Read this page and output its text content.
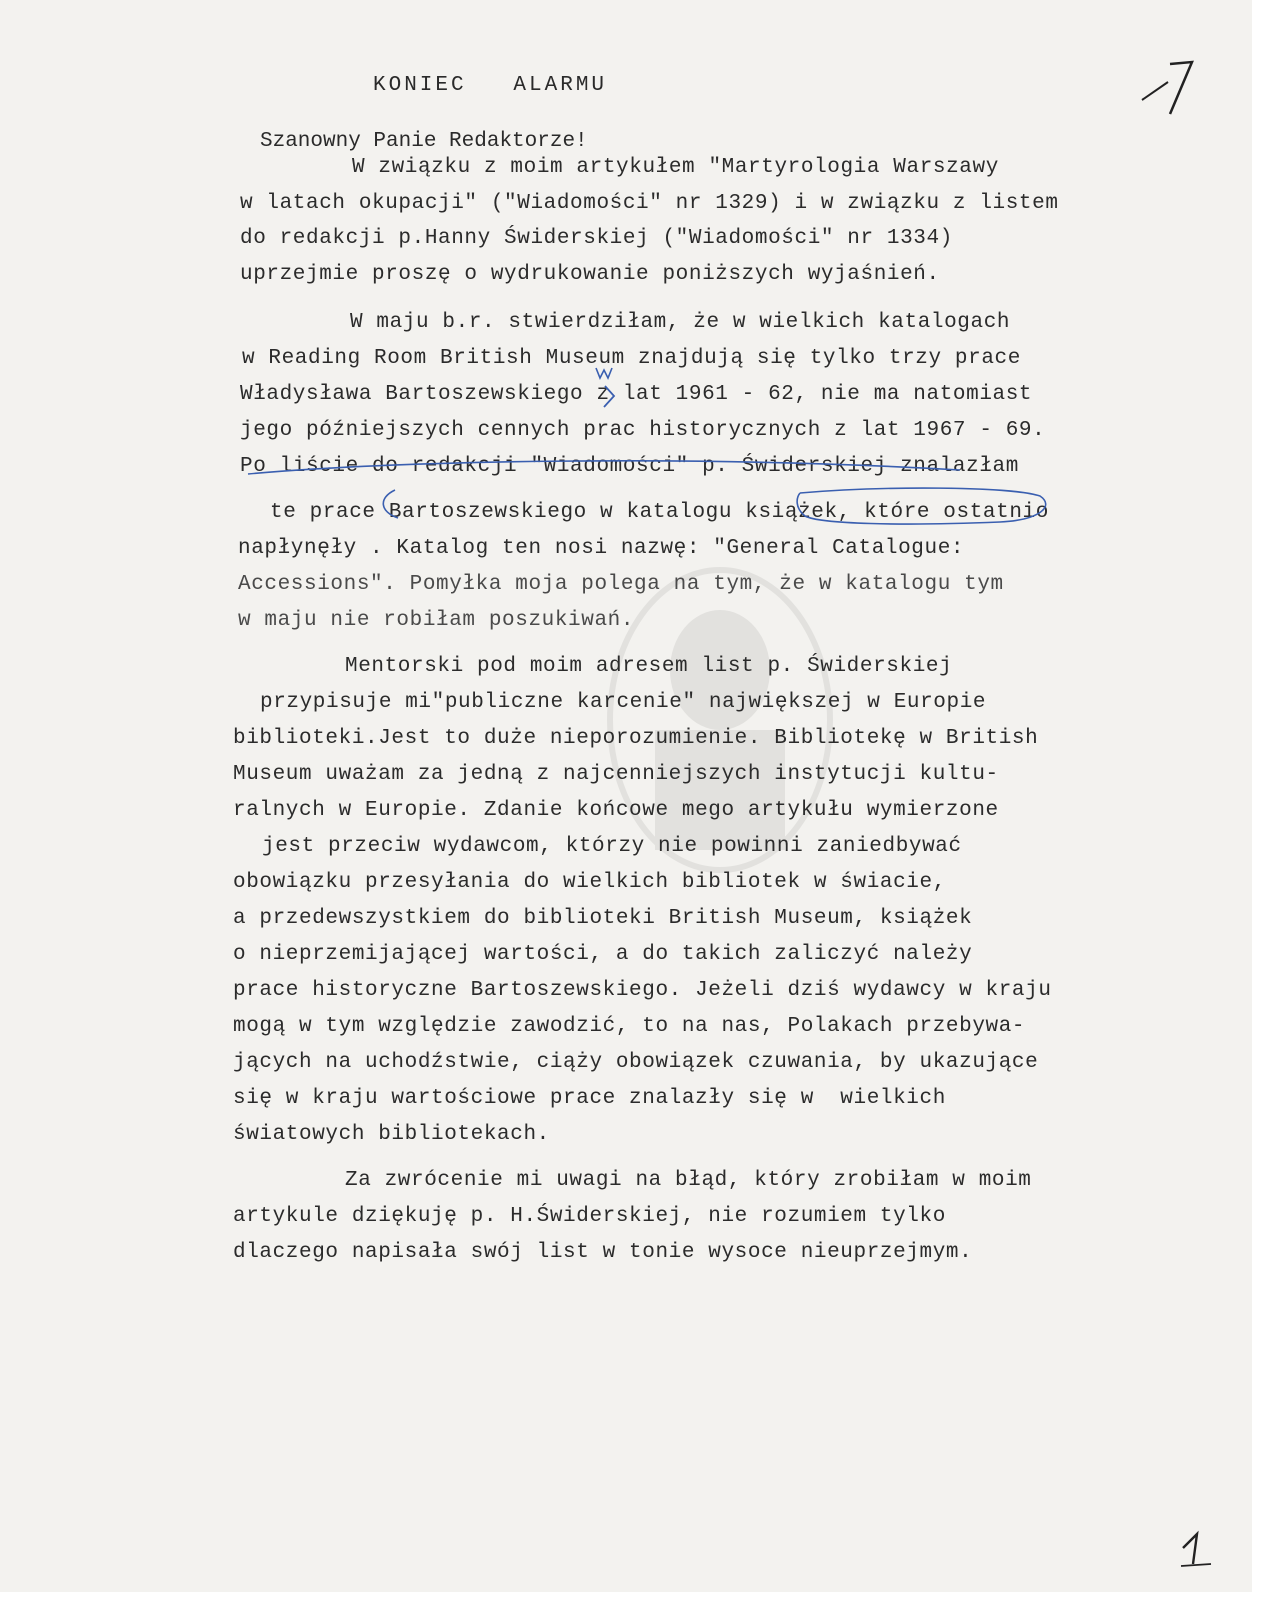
KONIEC   ALARMU
Szanowny Panie Redaktorze!
W związku z moim artykułem "Martyrologia Warszawy
w latach okupacji" ("Wiadomości" nr 1329) i w związku z listem
do redakcji p.Hanny Świderskiej ("Wiadomości" nr 1334)
uprzejmie proszę o wydrukowanie poniższych wyjaśnień.
W maju b.r. stwierdziłam, że w wielkich katalogach
w Reading Room British Museum znajdują się tylko trzy prace
Władysława Bartoszewskiego z lat 1961 - 62, nie ma natomiast
jego późniejszych cennych prac historycznych z lat 1967 - 69.
Po liście do redakcji "Wiadomości" p. Świderskiej znalazłam
te prace Bartoszewskiego w katalogu książek, które ostatnio
napłynęły . Katalog ten nosi nazwę: "General Catalogue:
Accessions". Pomyłka moja polega na tym, że w katalogu tym
w maju nie robiłam poszukiwań.
Mentorski pod moim adresem list p. Świderskiej
przypisuje mi"publiczne karcenie" największej w Europie
biblioteki.Jest to duże nieporozumienie. Bibliotekę w British
Museum uważam za jedną z najcenniejszych instytucji kultu-
ralnych w Europie. Zdanie końcowe mego artykułu wymierzone
jest przeciw wydawcom, którzy nie powinni zaniedbywać
obowiązku przesyłania do wielkich bibliotek w świacie,
a przedewszystkiem do biblioteki British Museum, książek
o nieprzemijającej wartości, a do takich zaliczyć należy
prace historyczne Bartoszewskiego. Jeżeli dziś wydawcy w kraju
mogą w tym względzie zawodzić, to na nas, Polakach przebywa-
jących na uchodźstwie, ciąży obowiązek czuwania, by ukazujące
się w kraju wartościowe prace znalazły się w  wielkich
światowych bibliotekach.
Za zwrócenie mi uwagi na błąd, który zrobiłam w moim
artykule dziękuję p. H.Świderskiej, nie rozumiem tylko
dlaczego napisała swój list w tonie wysoce nieuprzejmym.
